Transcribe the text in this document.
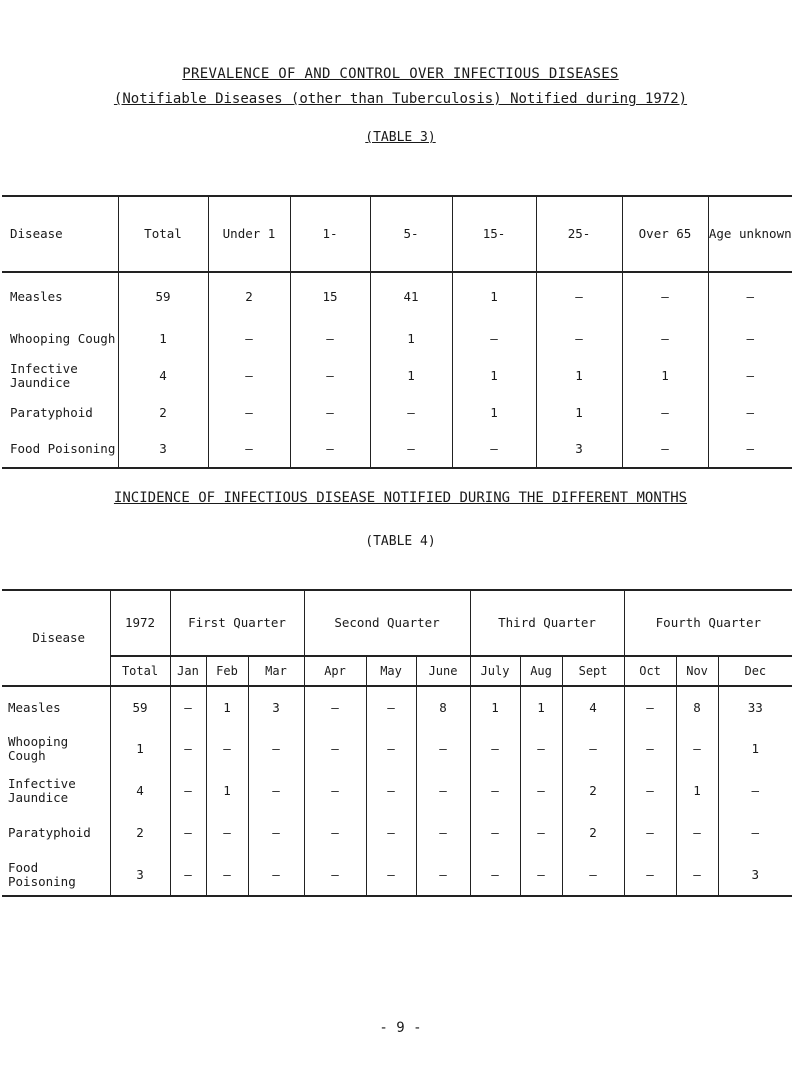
PREVALENCE OF AND CONTROL OVER INFECTIOUS DISEASES
(Notifiable Diseases (other than Tuberculosis) Notified during 1972)
(TABLE 3)
Disease	Total	Under 1	1-	5-	15-	25-	Over 65	Age unknown
Measles	59	2	15	41	1	–	–	–
Whooping Cough	1	–	–	1	–	–	–	–
Infective Jaundice	4	–	–	1	1	1	1	–
Paratyphoid	2	–	–	–	1	1	–	–
Food Poisoning	3	–	–	–	–	3	–	–
INCIDENCE OF INFECTIOUS DISEASE NOTIFIED DURING THE DIFFERENT MONTHS
(TABLE 4)
Disease	1972	First Quarter			Second Quarter			Third Quarter			Fourth Quarter		
	Total	Jan	Feb	Mar	Apr	May	June	July	Aug	Sept	Oct	Nov	Dec
Measles	59	–	1	3	–	–	8	1	1	4	–	8	33
Whooping Cough	1	–	–	–	–	–	–	–	–	–	–	–	1
Infective Jaundice	4	–	1	–	–	–	–	–	–	2	–	1	–
Paratyphoid	2	–	–	–	–	–	–	–	–	2	–	–	–
Food Poisoning	3	–	–	–	–	–	–	–	–	–	–	–	3
- 9 -
